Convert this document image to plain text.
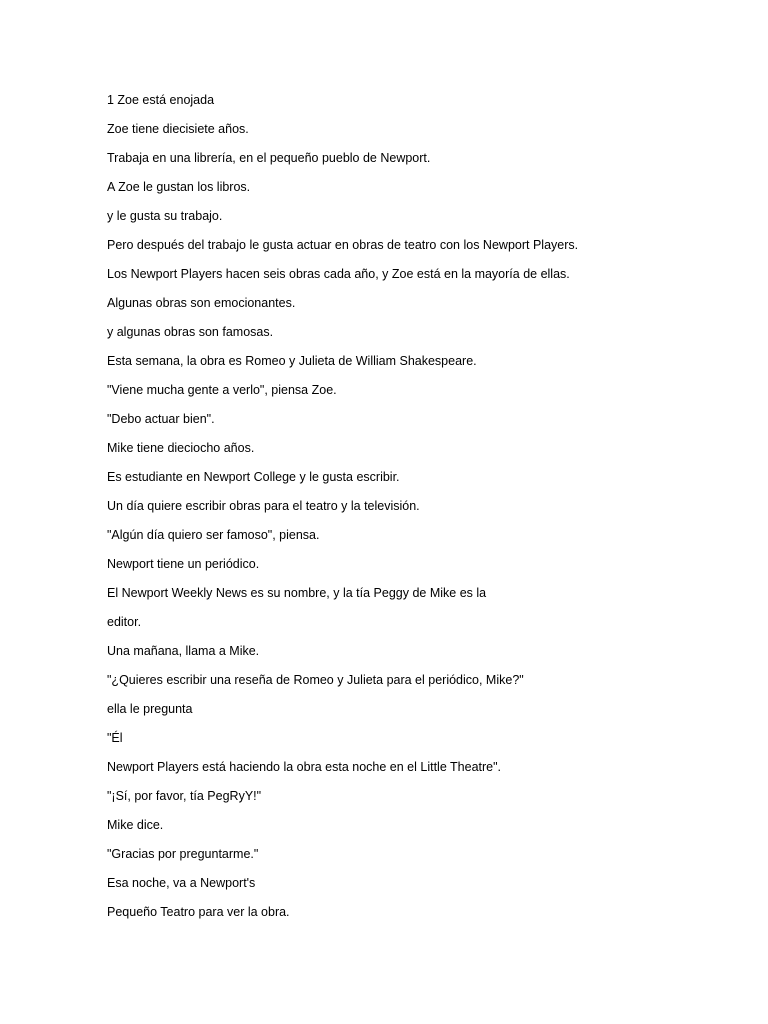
1 Zoe está enojada
Zoe tiene diecisiete años.
Trabaja en una librería, en el pequeño pueblo de Newport.
A Zoe le gustan los libros.
y le gusta su trabajo.
Pero después del trabajo le gusta actuar en obras de teatro con los Newport Players.
Los Newport Players hacen seis obras cada año, y Zoe está en la mayoría de ellas.
Algunas obras son emocionantes.
y algunas obras son famosas.
Esta semana, la obra es Romeo y Julieta de William Shakespeare.
"Viene mucha gente a verlo", piensa Zoe.
"Debo actuar bien".
Mike tiene dieciocho años.
Es estudiante en Newport College y le gusta escribir.
Un día quiere escribir obras para el teatro y la televisión.
"Algún día quiero ser famoso", piensa.
Newport tiene un periódico.
El Newport Weekly News es su nombre, y la tía Peggy de Mike es la
editor.
Una mañana, llama a Mike.
"¿Quieres escribir una reseña de Romeo y Julieta para el periódico, Mike?"
ella le pregunta
"Él
Newport Players está haciendo la obra esta noche en el Little Theatre".
"¡Sí, por favor, tía PegRyY!"
Mike dice.
"Gracias por preguntarme."
Esa noche, va a Newport's
Pequeño Teatro para ver la obra.
